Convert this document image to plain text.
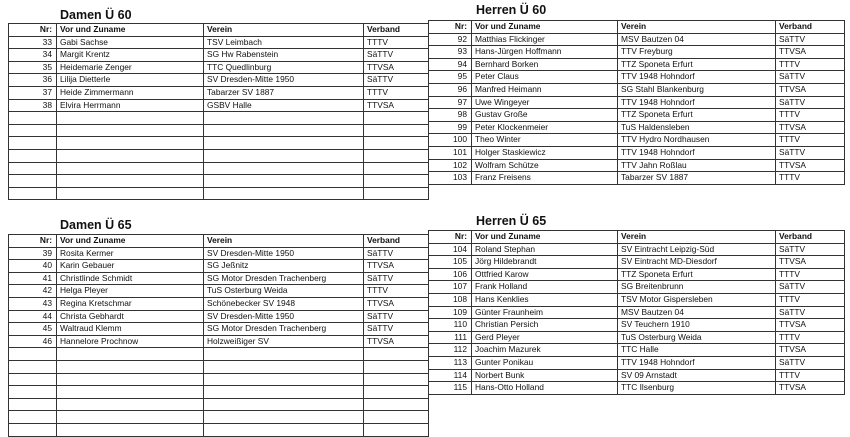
Damen Ü 60	Herren Ü 60
Damen Ü 65	Herren Ü 65
Nr:	Vor und Zuname	Verein	Verband
33	Gabi Sachse	TSV Leimbach	TTTV
34	Margit Krentz	SG Hw Rabenstein	SäTTV
35	Heidemarie Zenger	TTC Quedlinburg	TTVSA
36	Lilija Dietterle	SV Dresden-Mitte 1950	SäTTV
37	Heide Zimmermann	Tabarzer SV 1887	TTTV
38	Elvira Herrmann	GSBV Halle	TTVSA

Nr:	Vor und Zuname	Verein	Verband
92	Matthias Flickinger	MSV Bautzen 04	SäTTV
93	Hans-Jürgen Hoffmann	TTV Freyburg	TTVSA
94	Bernhard Borken	TTZ Sponeta Erfurt	TTTV
95	Peter Claus	TTV 1948 Hohndorf	SäTTV
96	Manfred Heimann	SG Stahl Blankenburg	TTVSA
97	Uwe Wingeyer	TTV 1948 Hohndorf	SäTTV
98	Gustav Große	TTZ Sponeta Erfurt	TTTV
99	Peter Klockenmeier	TuS Haldensleben	TTVSA
100	Theo Winter	TTV Hydro Nordhausen	TTTV
101	Holger Staskiewicz	TTV 1948 Hohndorf	SäTTV
102	Wolfram Schütze	TTV Jahn Roßlau	TTVSA
103	Franz Freisens	Tabarzer SV 1887	TTTV
Nr:	Vor und Zuname	Verein	Verband
39	Rosita Kermer	SV Dresden-Mitte 1950	SäTTV
40	Karin Gebauer	SG Jeßnitz	TTVSA
41	Christlinde Schmidt	SG Motor Dresden Trachenberg	SäTTV
42	Helga Pleyer	TuS Osterburg Weida	TTTV
43	Regina Kretschmar	Schönebecker SV 1948	TTVSA
44	Christa Gebhardt	SV Dresden-Mitte 1950	SäTTV
45	Waltraud Klemm	SG Motor Dresden Trachenberg	SäTTV
46	Hannelore Prochnow	Holzweißiger SV	TTVSA

Nr:	Vor und Zuname	Verein	Verband
104	Roland Stephan	SV Eintracht Leipzig-Süd	SäTTV
105	Jörg Hildebrandt	SV Eintracht MD-Diesdorf	TTVSA
106	Ottfried Karow	TTZ Sponeta Erfurt	TTTV
107	Frank Holland	SG Breitenbrunn	SäTTV
108	Hans Kenklies	TSV Motor Gispersleben	TTTV
109	Günter Fraunheim	MSV Bautzen 04	SäTTV
110	Christian Persich	SV Teuchern 1910	TTVSA
111	Gerd Pleyer	TuS Osterburg Weida	TTTV
112	Joachim Mazurek	TTC Halle	TTVSA
113	Gunter Ponikau	TTV 1948 Hohndorf	SäTTV
114	Norbert Bunk	SV 09 Arnstadt	TTTV
115	Hans-Otto Holland	TTC Ilsenburg	TTVSA
